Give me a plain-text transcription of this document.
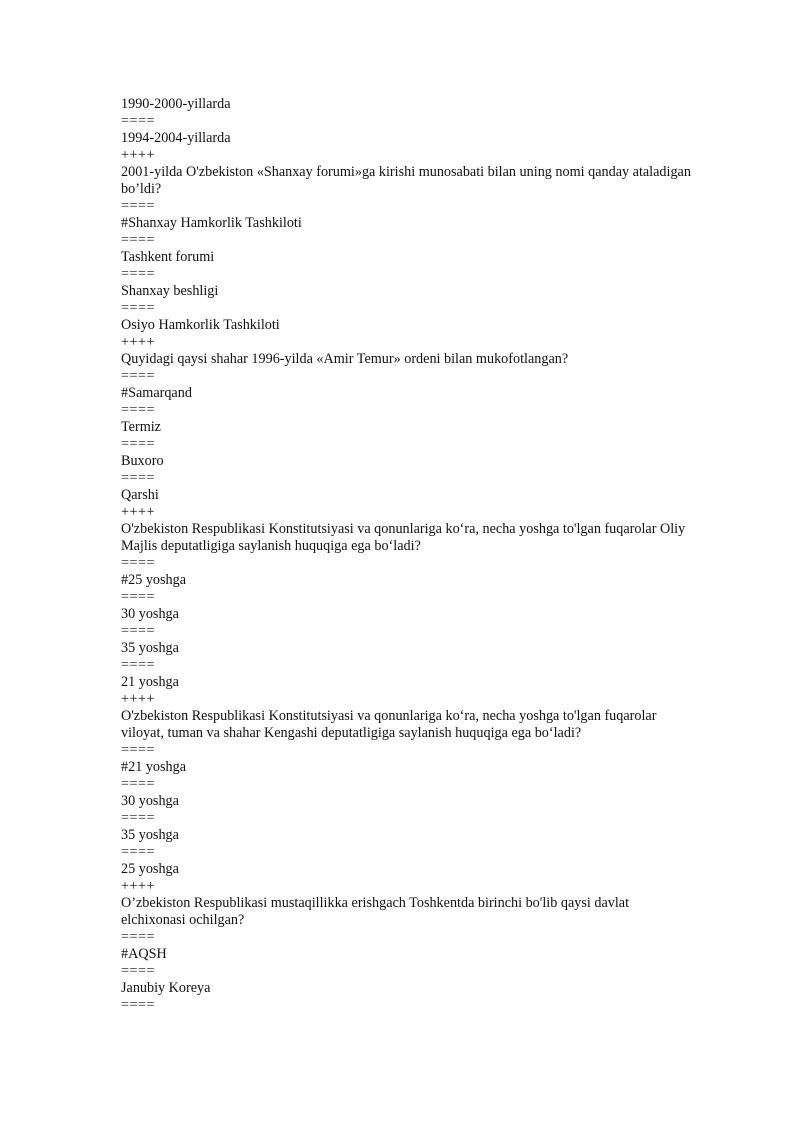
1990-2000-yillarda
====
1994-2004-yillarda
++++
2001-yilda O'zbekiston «Shanxay forumi»ga kirishi munosabati bilan uning nomi qanday ataladigan bo’ldi?
====
#Shanxay Hamkorlik Tashkiloti
====
Tashkent forumi
====
Shanxay beshligi
====
Osiyo Hamkorlik Tashkiloti
++++
Quyidagi qaysi shahar 1996-yilda «Amir Temur» ordeni bilan mukofotlangan?
====
#Samarqand
====
Termiz
====
Buxoro
====
Qarshi
++++
O'zbekiston Respublikasi Konstitutsiyasi va qonunlariga ko‘ra, necha yoshga to'lgan fuqarolar Oliy Majlis deputatligiga saylanish huquqiga ega bo‘ladi?
====
#25 yoshga
====
30 yoshga
====
35 yoshga
====
21 yoshga
++++
O'zbekiston Respublikasi Konstitutsiyasi va qonunlariga ko‘ra, necha yoshga to'lgan fuqarolar viloyat, tuman va shahar Kengashi deputatligiga saylanish huquqiga ega bo‘ladi?
====
#21 yoshga
====
30 yoshga
====
35 yoshga
====
25 yoshga
++++
O’zbekiston Respublikasi mustaqillikka erishgach Toshkentda birinchi bo'lib qaysi davlat elchixonasi ochilgan?
====
#AQSH
====
Janubiy Koreya
====
